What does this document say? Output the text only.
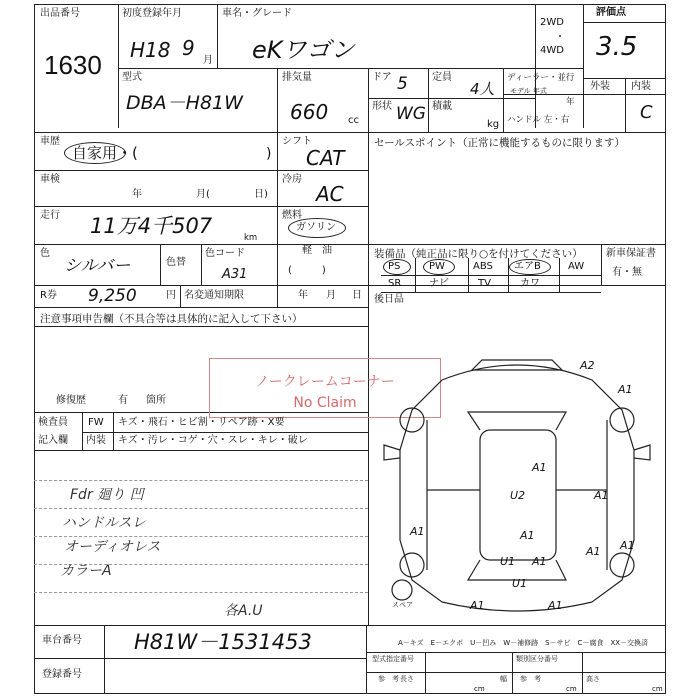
出品番号
1630
初度登録年月
H18 9
月
車名・グレード
eKワゴン
2WD
・
4WD
評価点
3.5
外装 内装
C
型式
DBA－H81W
排気量
660 cc
ドア 5 定員
4人
形状 WG 積載
kg
ディーラー・並行
モデル 年式
年
ハンドル 左・右
車歴
自家用・(	)
シフト
CAT
セールスポイント（正常に機能するものに限ります）
車検
年	月(	日)
冷房
AC
走行 11万4千507	km
燃料
ガソリン
軽　油
(　　　)
色
シルバー	色替
色コード
A31
装備品（純正品に限り○を付けてください） 新車保証書
有・無
PS	PW	ABS エアB	AW
SR	ナビ	TV	カワ
R券 9,250	円 名変通知期限	年 月 日 後日品
注意事項申告欄（不具合等は具体的に記入して下さい）
修復歴	有 箇所
ノークレームコーナー
No Claim
検査員
記入欄
FW キズ・飛石・ヒビ割・リペア跡・X要
内装 キズ・汚レ・コゲ・穴・スレ・キレ・破レ
Fdr 廻り 凹
ハンドルスレ
オーディオレス
カラーA
各A.U	スペア
A2
A1
A1
U2	A1
A1
A1
A1
U1 A1
U1
A1	A1
A1
車台番号 H81W－1531453
登録番号
A－キズ　E－エクボ　U－凹み　W－補修跡　S－サビ　C－腐食　XX－交換済
型式指定番号	類別区分番号
参　考	参　考
長さ
cm
幅
cm
高さ
cm
